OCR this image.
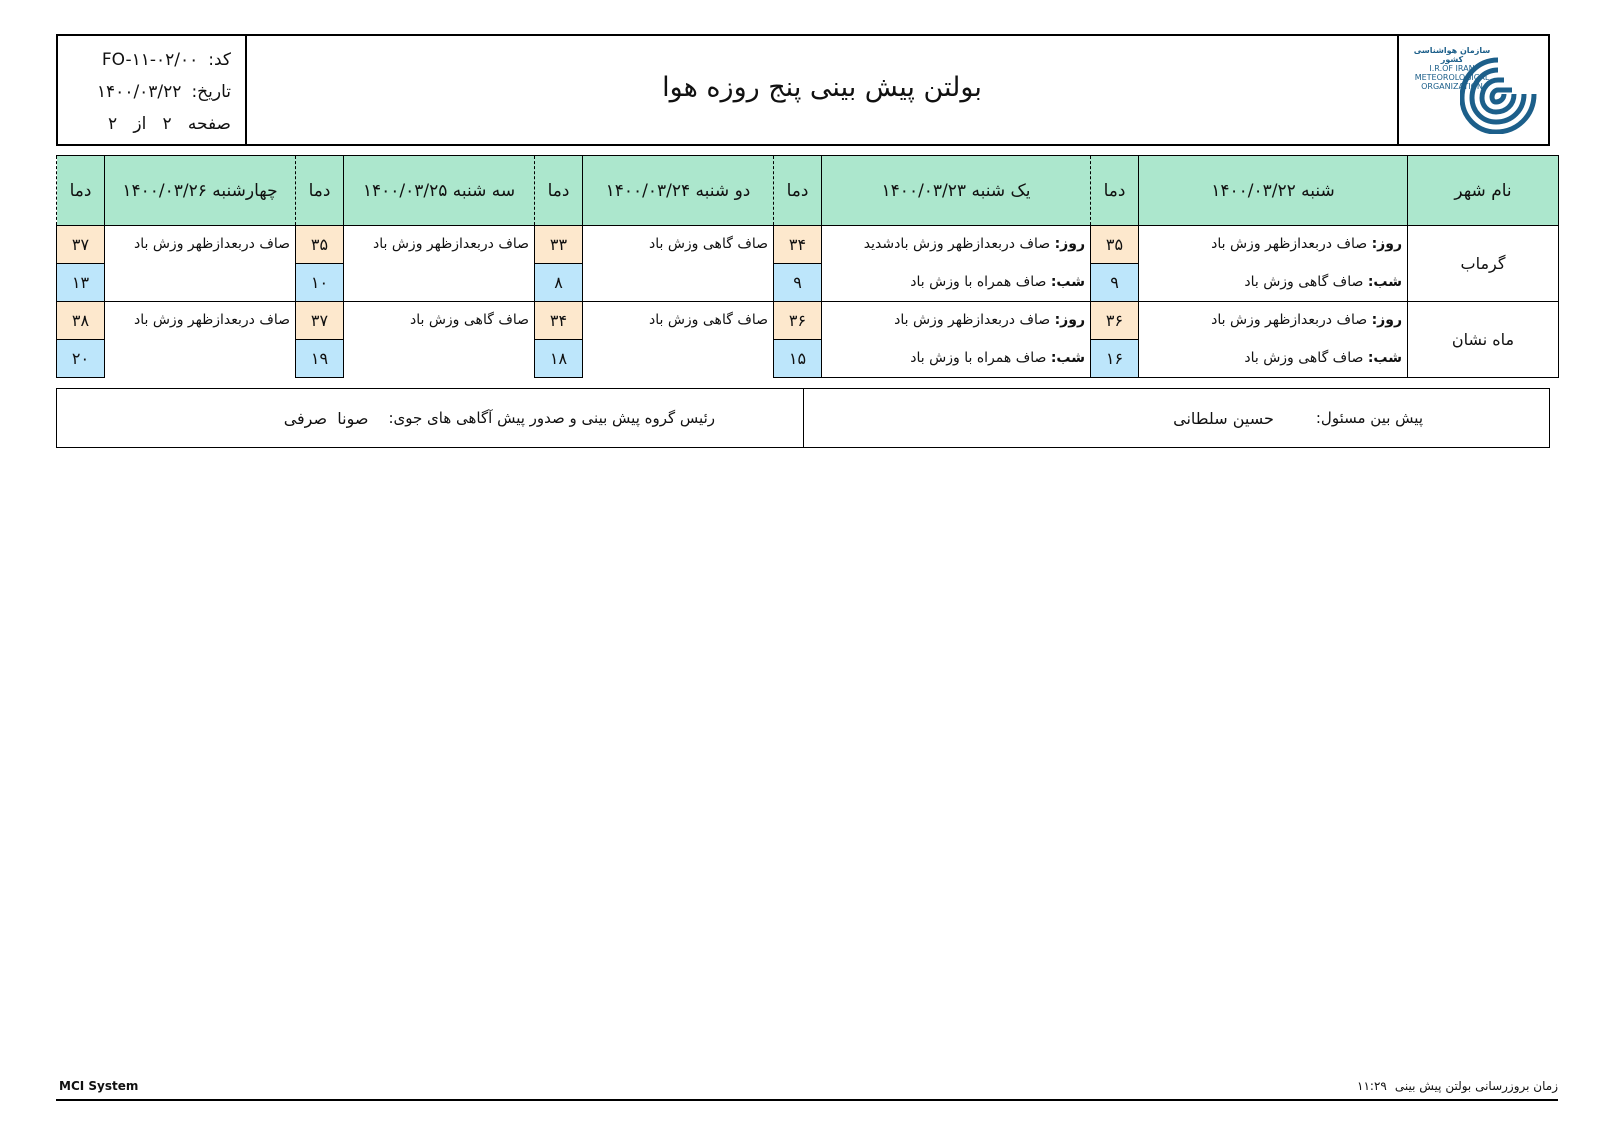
کد:
FO-۱۱-۰۲/۰۰
تاریخ:
۱۴۰۰/۰۳/۲۲
صفحه   ۲   از   ۲
بولتن پیش بینی پنج روزه هوا
سازمان هواشناسی کشور
I.R.OF IRAN METEOROLOGICAL ORGANIZATION
نام شهر	شنبه ۱۴۰۰/۰۳/۲۲	دما	یک شنبه ۱۴۰۰/۰۳/۲۳	دما	دو شنبه ۱۴۰۰/۰۳/۲۴	دما	سه شنبه ۱۴۰۰/۰۳/۲۵	دما	چهارشنبه ۱۴۰۰/۰۳/۲۶	دما
گرماب	روز: صاف دربعدازظهر وزش باد	۳۵	روز: صاف دربعدازظهر وزش بادشدید	۳۴	صاف گاهی وزش باد	۳۳	صاف دربعدازظهر وزش باد	۳۵	صاف دربعدازظهر وزش باد	۳۷
	شب: صاف گاهی وزش باد	۹	شب: صاف همراه با وزش باد	۹		۸		۱۰		۱۳
ماه نشان	روز: صاف دربعدازظهر وزش باد	۳۶	روز: صاف دربعدازظهر وزش باد	۳۶	صاف گاهی وزش باد	۳۴	صاف گاهی وزش باد	۳۷	صاف دربعدازظهر وزش باد	۳۸
	شب: صاف گاهی وزش باد	۱۶	شب: صاف همراه با وزش باد	۱۵		۱۸		۱۹		۲۰
پیش بین مسئول:
حسین سلطانی
رئیس گروه پیش بینی و صدور پیش آگاهی های جوی:
صونا  صرفی
MCI System	زمان بروزرسانی بولتن پیش بینی
۱۱:۲۹
